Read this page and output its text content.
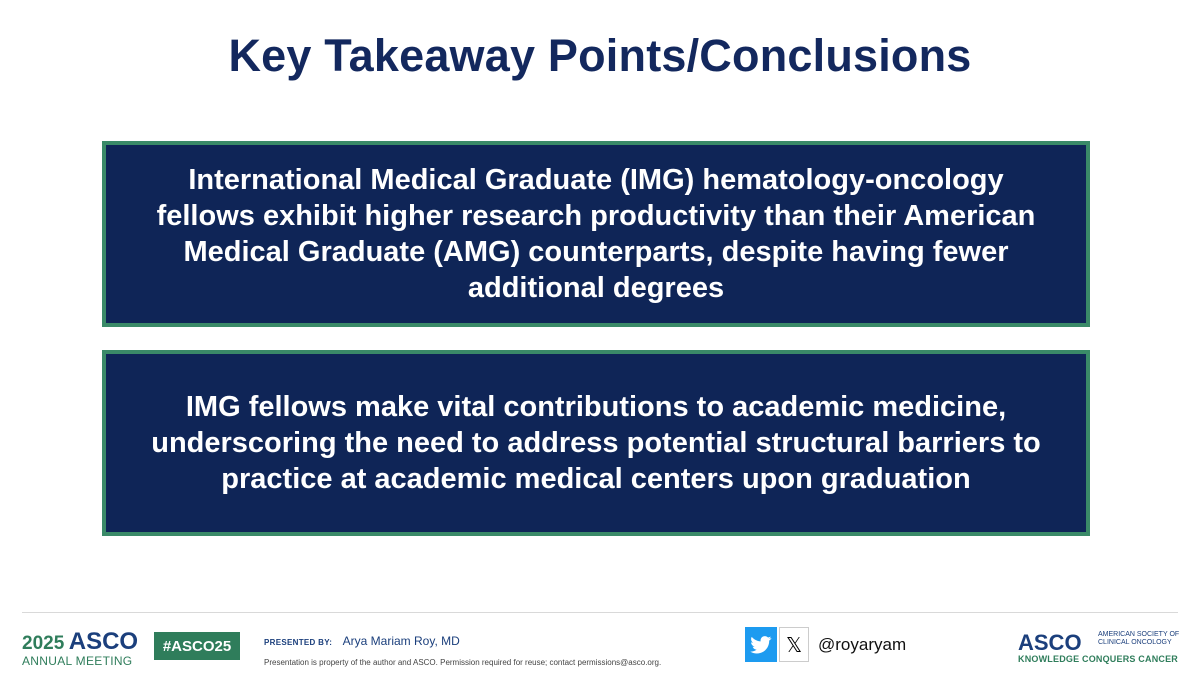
Key Takeaway Points/Conclusions
International Medical Graduate (IMG) hematology-oncology fellows exhibit higher research productivity than their American Medical Graduate (AMG) counterparts, despite having fewer additional degrees
IMG fellows make vital contributions to academic medicine, underscoring the need to address potential structural barriers to practice at academic medical centers upon graduation
2025 ASCO
ANNUAL MEETING
#ASCO25	PRESENTED BY: Arya Mariam Roy, MD
Presentation is property of the author and ASCO. Permission required for reuse; contact permissions@asco.org.
𝕏 @royaryam	ASCO AMERICAN SOCIETY OF CLINICAL ONCOLOGY
KNOWLEDGE CONQUERS CANCER
